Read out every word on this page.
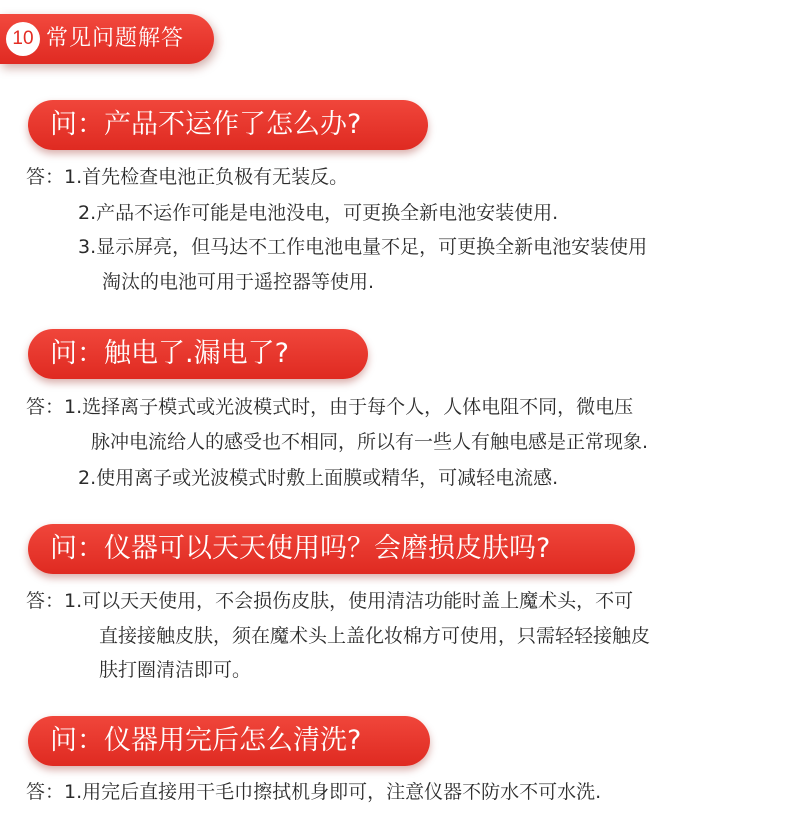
10 常见问题解答
问：产品不运作了怎么办?
答：1.首先检查电池正负极有无装反。
2.产品不运作可能是电池没电，可更换全新电池安装使用.
3.显示屏亮，但马达不工作电池电量不足，可更换全新电池安装使用
淘汰的电池可用于遥控器等使用.
问：触电了.漏电了?
答：1.选择离子模式或光波模式时，由于每个人，人体电阻不同，微电压
脉冲电流给人的感受也不相同，所以有一些人有触电感是正常现象.
2.使用离子或光波模式时敷上面膜或精华，可减轻电流感.
问：仪器可以天天使用吗？会磨损皮肤吗?
答：1.可以天天使用，不会损伤皮肤，使用清洁功能时盖上魔术头，不可
直接接触皮肤，须在魔术头上盖化妆棉方可使用，只需轻轻接触皮
肤打圈清洁即可。
问：仪器用完后怎么清洗?
答：1.用完后直接用干毛巾擦拭机身即可，注意仪器不防水不可水洗.
